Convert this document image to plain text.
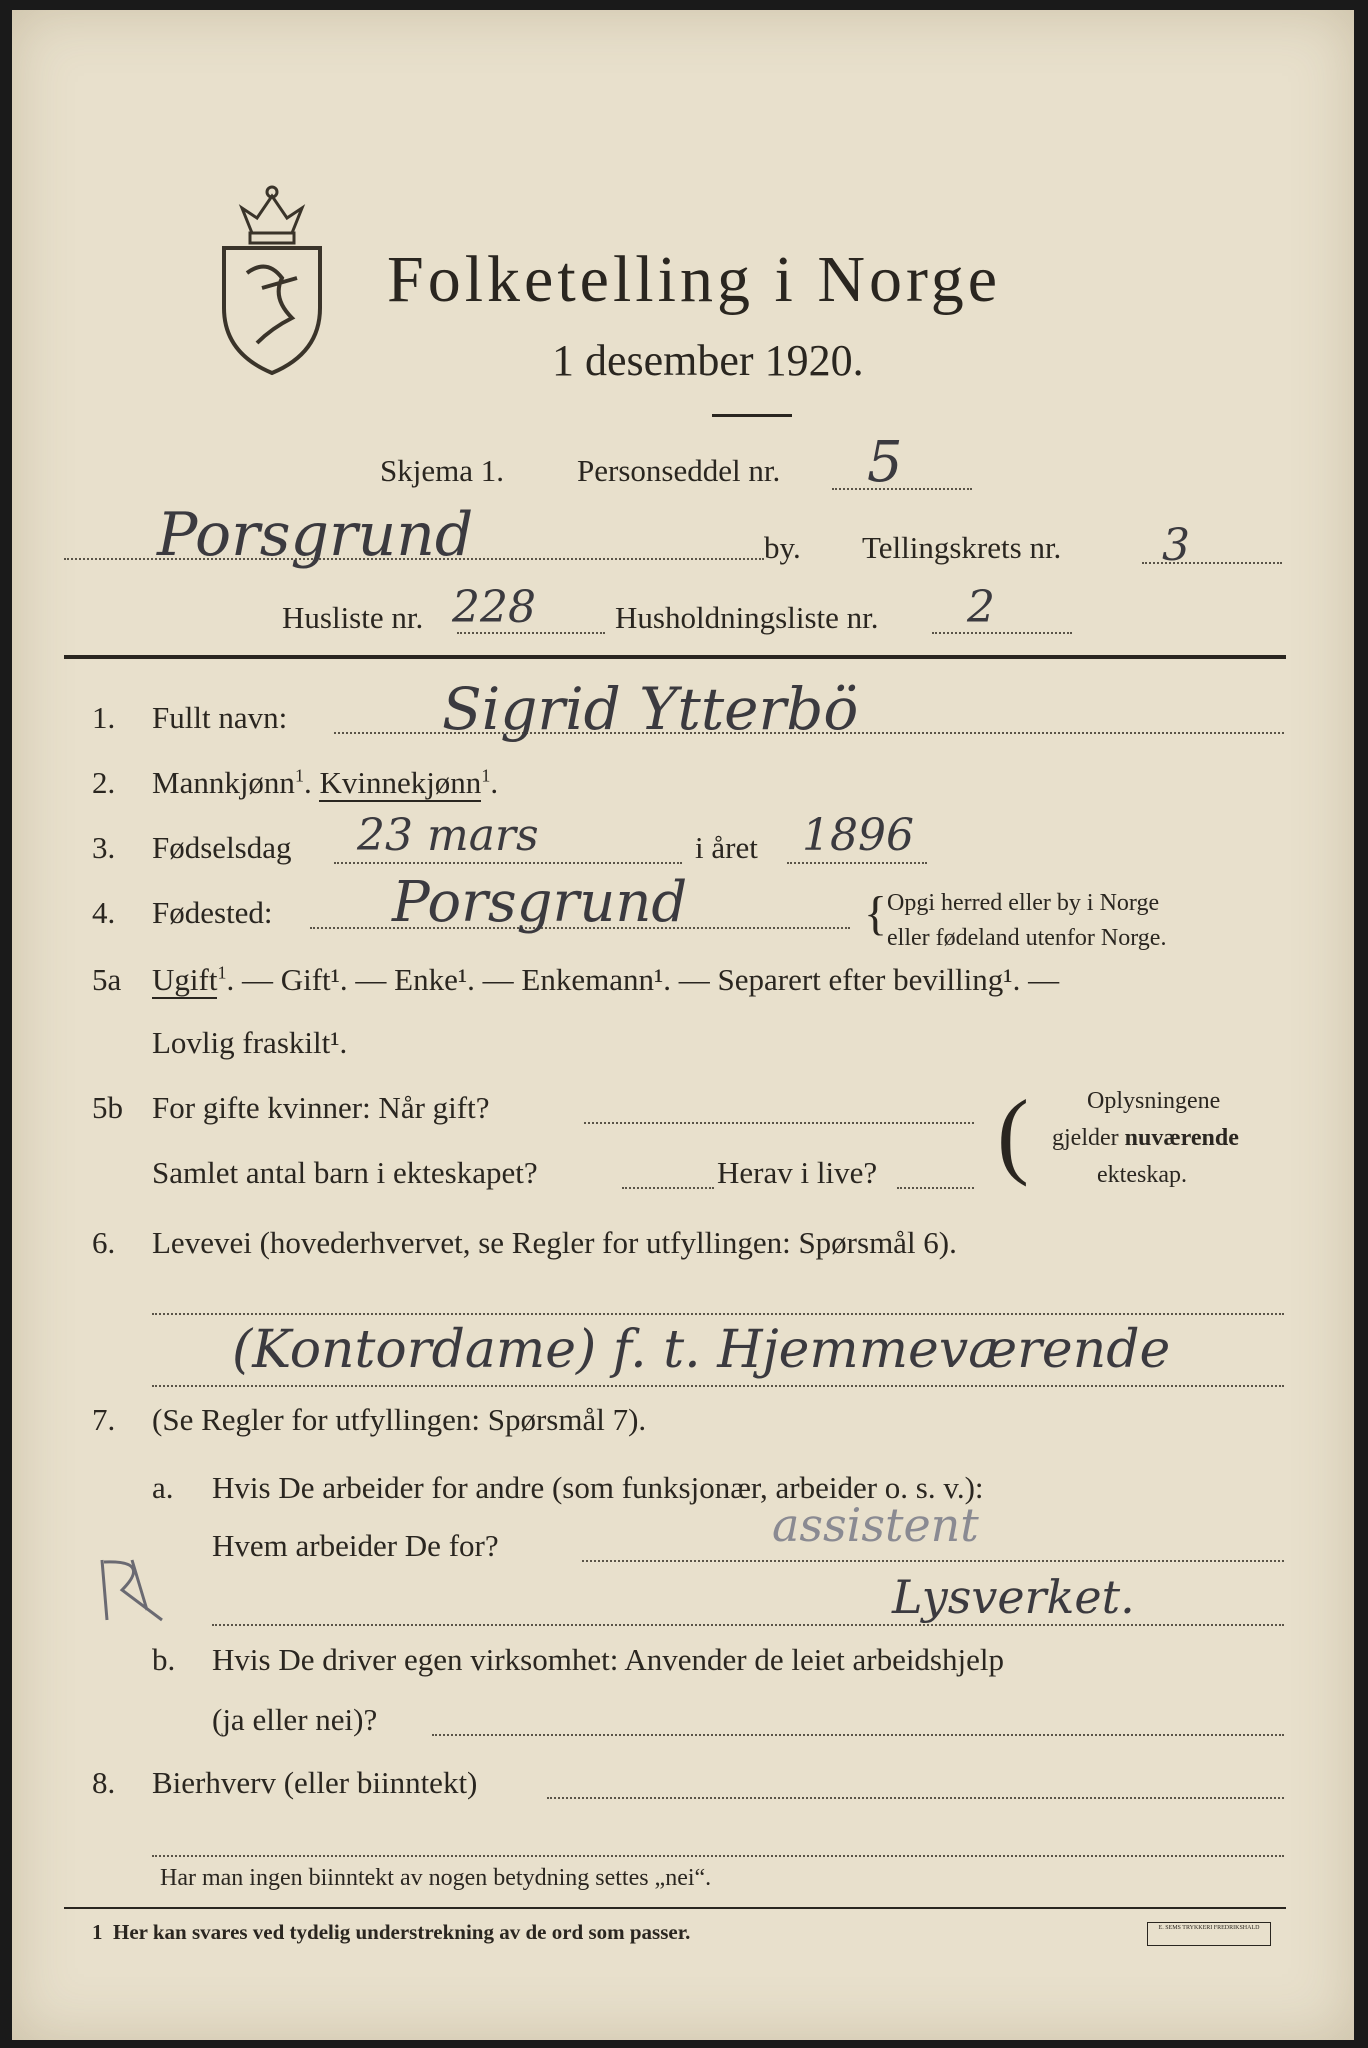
Folketelling i Norge
1 desember 1920.
Skjema 1. Personseddel nr. 5
Porsgrund	by. Tellingskrets nr. 3
Husliste nr. 228	Husholdningsliste nr. 2
1. Fullt navn:	Sigrid Ytterbö
2. Mannkjønn$^1$. Kvinnekjønn$^1$.
3. Fødselsdag 23 mars	i året 1896
4. Fødested: Porsgrund	{ Opgi herred eller by i Norge
eller fødeland utenfor Norge.
5a Ugift$^1$. — Gift¹. — Enke¹. — Enkemann¹. — Separert efter bevilling¹. —
Lovlig fraskilt¹.
5b For gifte kvinner: Når gift?
Samlet antal barn i ekteskapet?	Herav i live? ( Oplysningene
gjelder nuværende
ekteskap.
6. Levevei (hovederhvervet, se Regler for utfyllingen: Spørsmål 6).
(Kontordame) f. t. Hjemmeværende
7. (Se Regler for utfyllingen: Spørsmål 7).
a. Hvis De arbeider for andre (som funksjonær, arbeider o. s. v.):
Hvem arbeider De for?	assistent
Lysverket.
b. Hvis De driver egen virksomhet: Anvender de leiet arbeidshjelp
(ja eller nei)?
8. Bierhverv (eller biinntekt)
Har man ingen biinntekt av nogen betydning settes „nei“.
1 Her kan svares ved tydelig understrekning av de ord som passer.	E. SEMS TRYKKERI FREDRIKSHALD
